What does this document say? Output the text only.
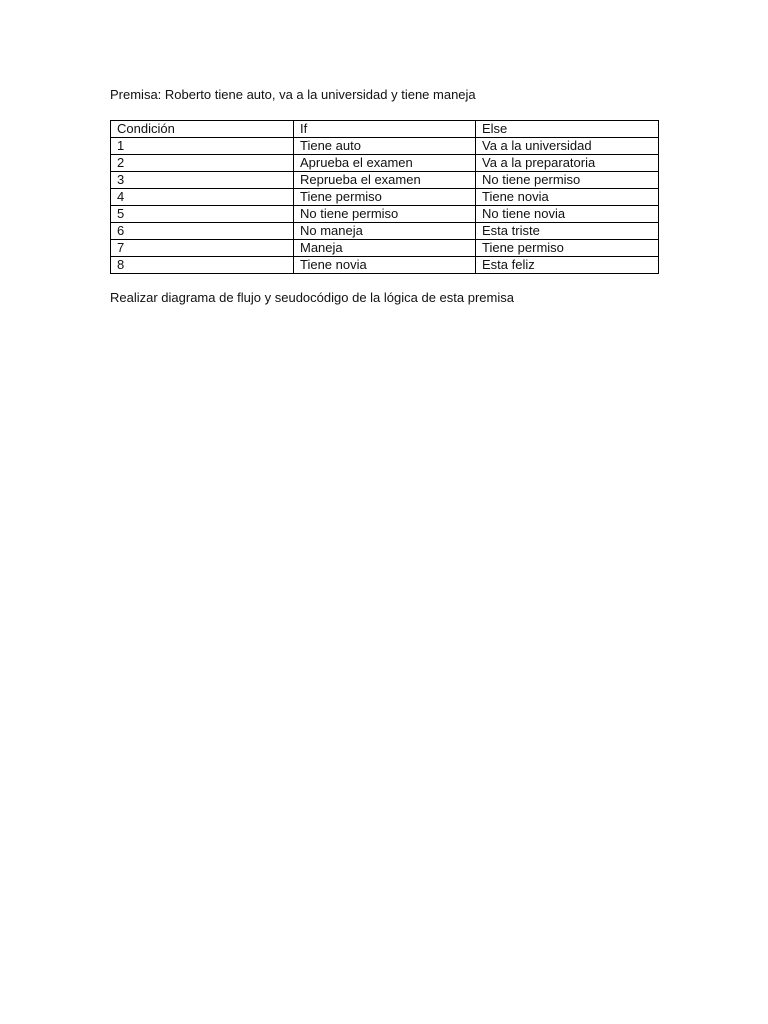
Premisa: Roberto tiene auto, va a la universidad y tiene maneja

Condición	If	Else
1	Tiene auto	Va a la universidad
2	Aprueba el examen	Va a la preparatoria
3	Reprueba el examen	No tiene permiso
4	Tiene permiso	Tiene novia
5	No tiene permiso	No tiene novia
6	No maneja	Esta triste
7	Maneja	Tiene permiso
8	Tiene novia	Esta feliz

Realizar diagrama de flujo y seudocódigo de la lógica de esta premisa
